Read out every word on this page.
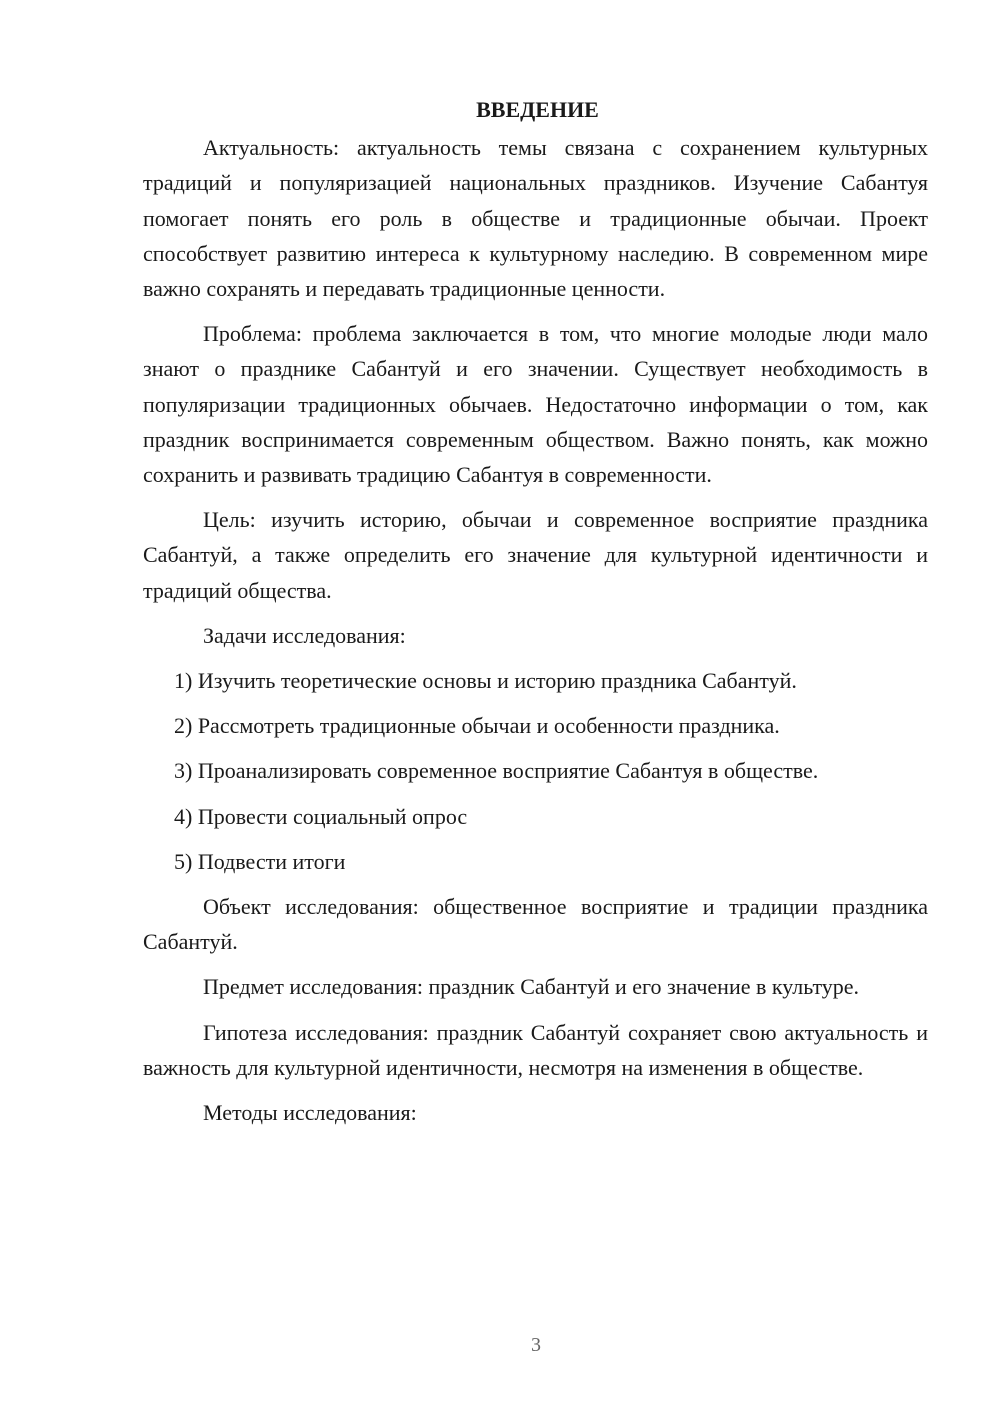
ВВЕДЕНИЕ

Актуальность: актуальность темы связана с сохранением культурных традиций и популяризацией национальных праздников. Изучение Сабантуя помогает понять его роль в обществе и традиционные обычаи. Проект способствует развитию интереса к культурному наследию. В современном мире важно сохранять и передавать традиционные ценности.

Проблема: проблема заключается в том, что многие молодые люди мало знают о празднике Сабантуй и его значении. Существует необходимость в популяризации традиционных обычаев. Недостаточно информации о том, как праздник воспринимается современным обществом. Важно понять, как можно сохранить и развивать традицию Сабантуя в современности.

Цель: изучить историю, обычаи и современное восприятие праздника Сабантуй, а также определить его значение для культурной идентичности и традиций общества.

Задачи исследования:

1) Изучить теоретические основы и историю праздника Сабантуй.
2) Рассмотреть традиционные обычаи и особенности праздника.
3) Проанализировать современное восприятие Сабантуя в обществе.
4) Провести социальный опрос
5) Подвести итоги

Объект исследования: общественное восприятие и традиции праздника Сабантуй.

Предмет исследования: праздник Сабантуй и его значение в культуре.

Гипотеза исследования: праздник Сабантуй сохраняет свою актуальность и важность для культурной идентичности, несмотря на изменения в обществе.

Методы исследования:

3
